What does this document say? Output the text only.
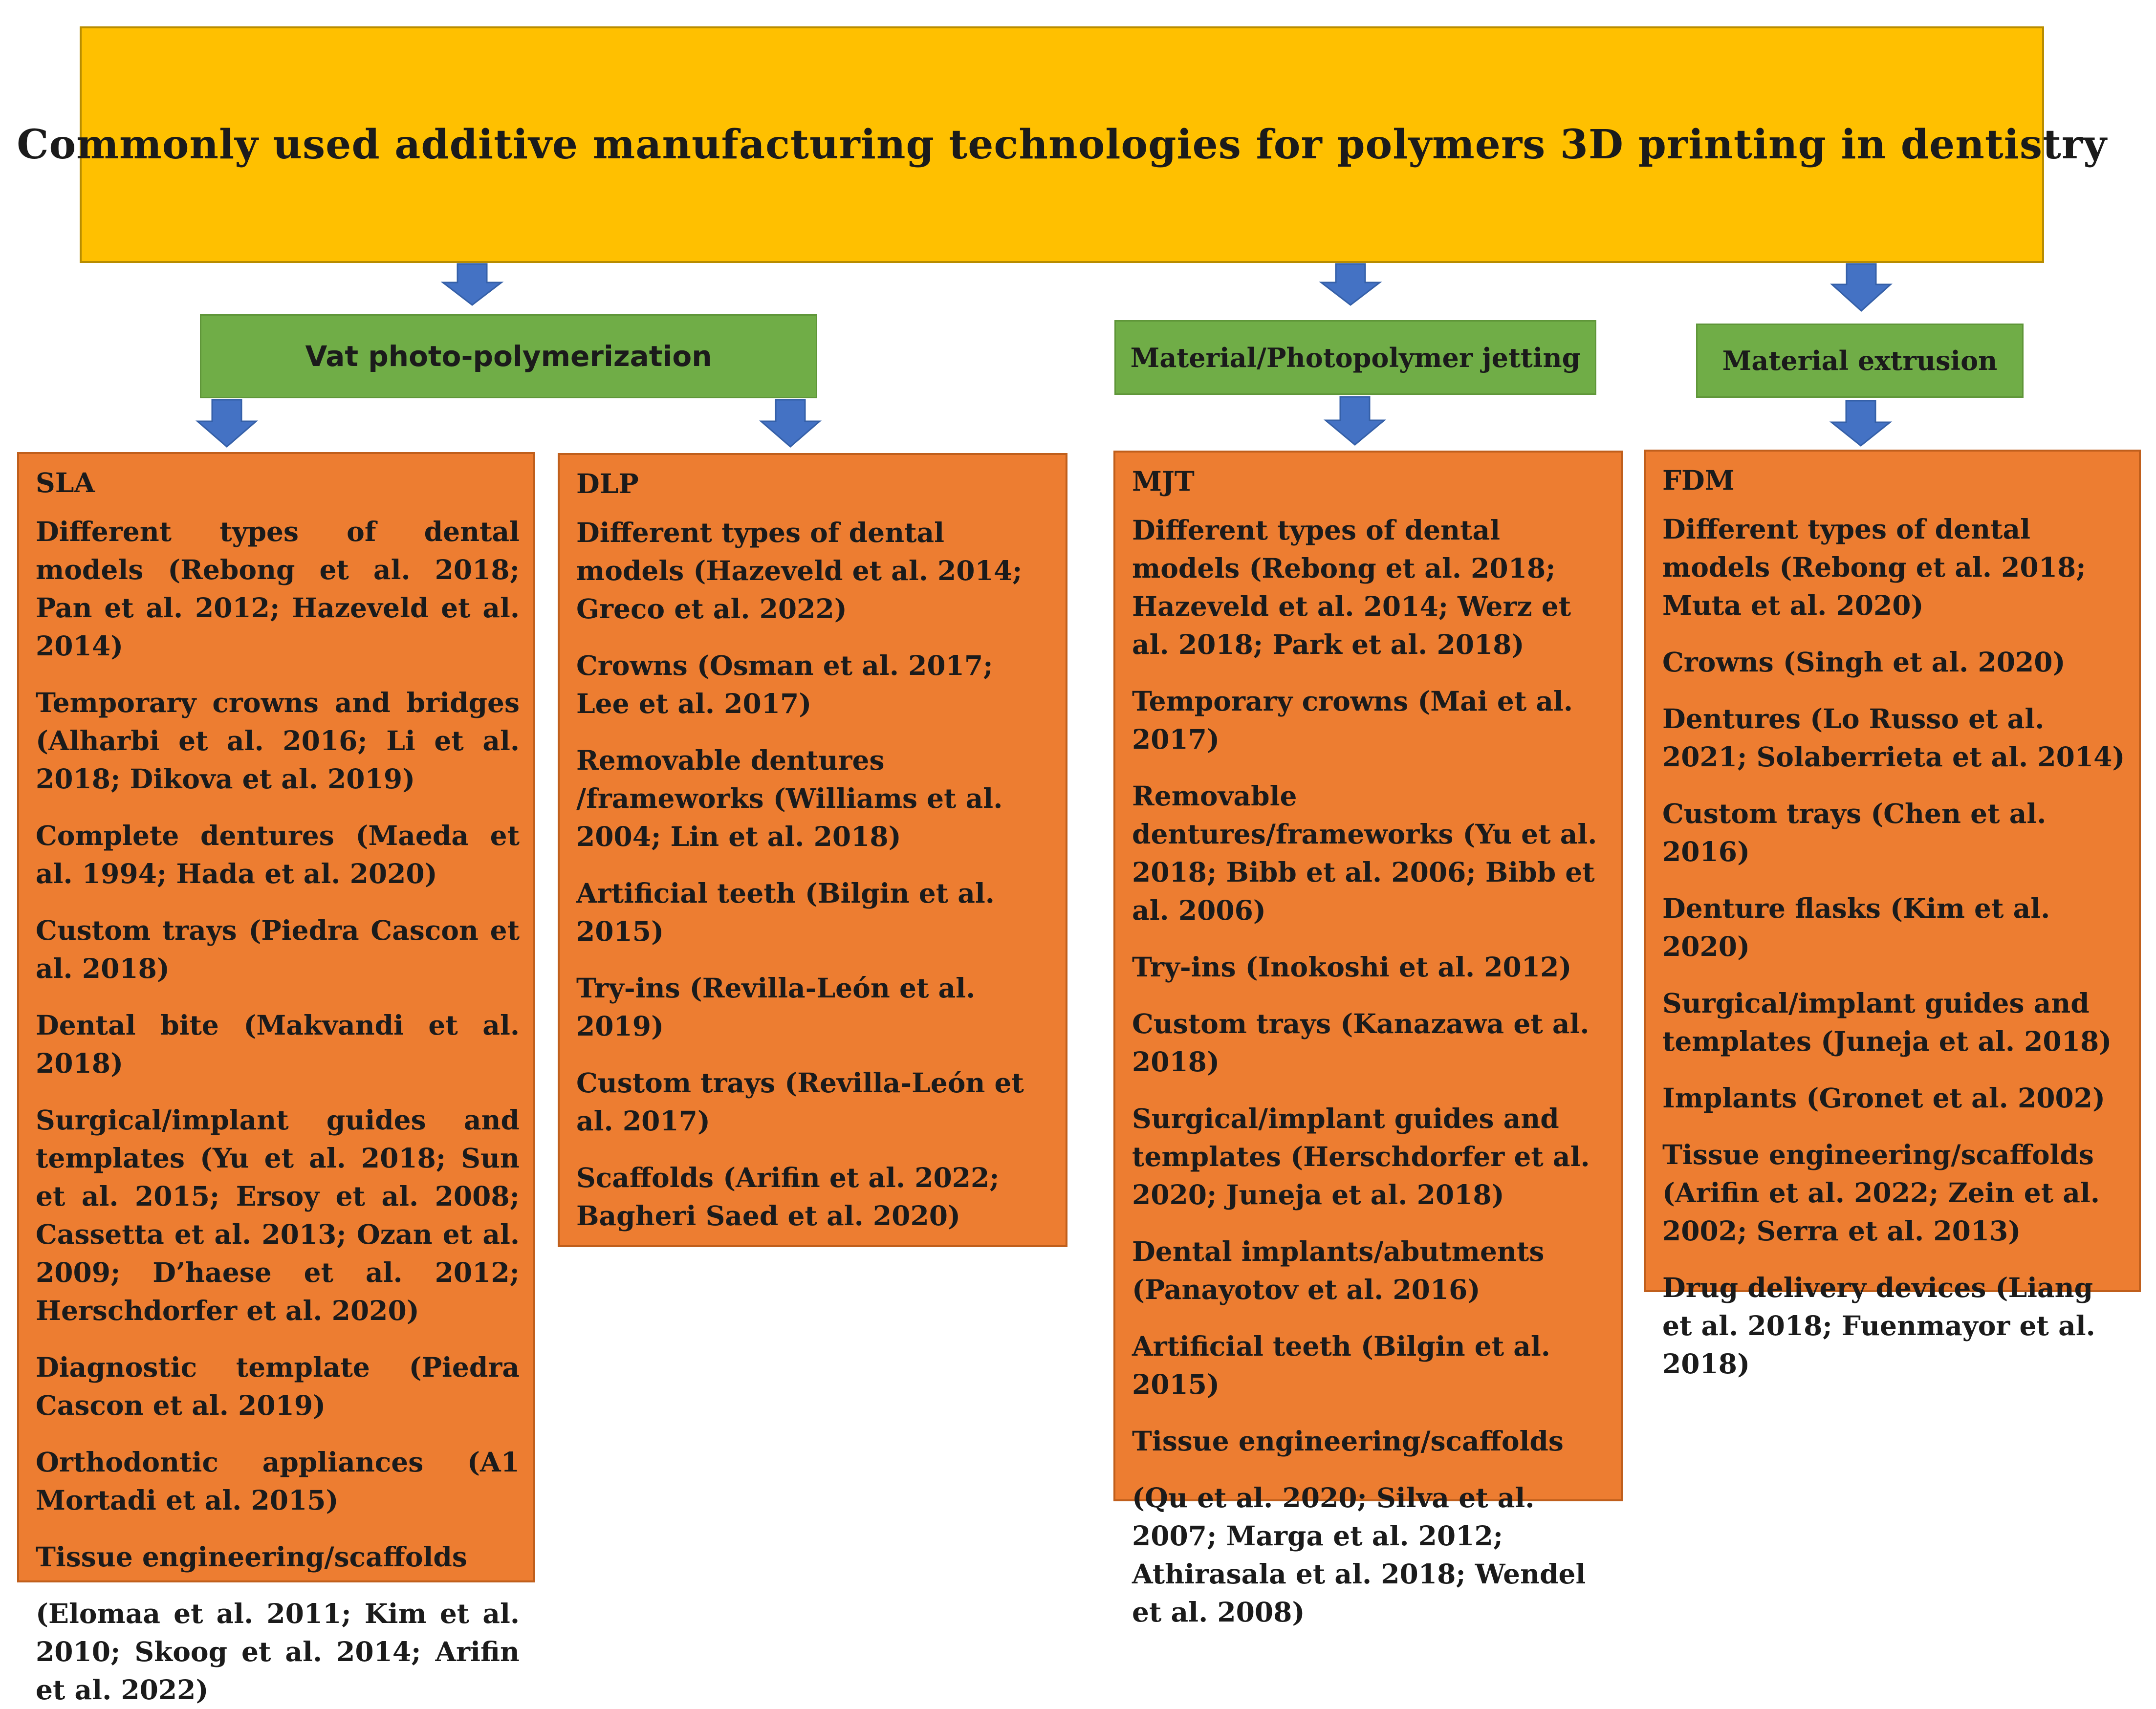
Commonly used additive manufacturing technologies for polymers 3D printing in dentistry
Vat photo-polymerization	Material/Photopolymer jetting	Material extrusion
SLA
Different types of dental models (Rebong et al. 2018; Pan et al. 2012; Hazeveld et al. 2014)
Temporary crowns and bridges (Alharbi et al. 2016; Li et al. 2018; Dikova et al. 2019)
Complete dentures (Maeda et al. 1994; Hada et al. 2020)
Custom trays (Piedra Cascon et al. 2018)
Dental bite (Makvandi et al. 2018)
Surgical/implant guides and templates (Yu et al. 2018; Sun et al. 2015; Ersoy et al. 2008; Cassetta et al. 2013; Ozan et al. 2009; D’haese et al. 2012; Herschdorfer et al. 2020)
Diagnostic template (Piedra Cascon et al. 2019)
Orthodontic appliances (A1 Mortadi et al. 2015)
Tissue engineering/scaffolds
(Elomaa et al. 2011; Kim et al. 2010; Skoog et al. 2014; Arifin et al. 2022)
DLP
Different types of dental models (Hazeveld et al. 2014; Greco et al. 2022)
Crowns (Osman et al. 2017; Lee et al. 2017)
Removable dentures /frameworks (Williams et al. 2004; Lin et al. 2018)
Artificial teeth (Bilgin et al. 2015)
Try-ins (Revilla-León et al. 2019)
Custom trays (Revilla-León et al. 2017)
Scaffolds (Arifin et al. 2022; Bagheri Saed et al. 2020)
MJT
Different types of dental models (Rebong et al. 2018; Hazeveld et al. 2014; Werz et al. 2018; Park et al. 2018)
Temporary crowns (Mai et al. 2017)
Removable dentures/frameworks (Yu et al. 2018; Bibb et al. 2006; Bibb et al. 2006)
Try-ins (Inokoshi et al. 2012)
Custom trays (Kanazawa et al. 2018)
Surgical/implant guides and templates (Herschdorfer et al. 2020; Juneja et al. 2018)
Dental implants/abutments (Panayotov et al. 2016)
Artificial teeth (Bilgin et al. 2015)
Tissue engineering/scaffolds
(Qu et al. 2020; Silva et al. 2007; Marga et al. 2012; Athirasala et al. 2018; Wendel et al. 2008)
FDM
Different types of dental models (Rebong et al. 2018; Muta et al. 2020)
Crowns (Singh et al. 2020)
Dentures (Lo Russo et al. 2021; Solaberrieta et al. 2014)
Custom trays (Chen et al. 2016)
Denture flasks (Kim et al. 2020)
Surgical/implant guides and templates (Juneja et al. 2018)
Implants (Gronet et al. 2002)
Tissue engineering/scaffolds (Arifin et al. 2022; Zein et al. 2002; Serra et al. 2013)
Drug delivery devices (Liang et al. 2018; Fuenmayor et al. 2018)
